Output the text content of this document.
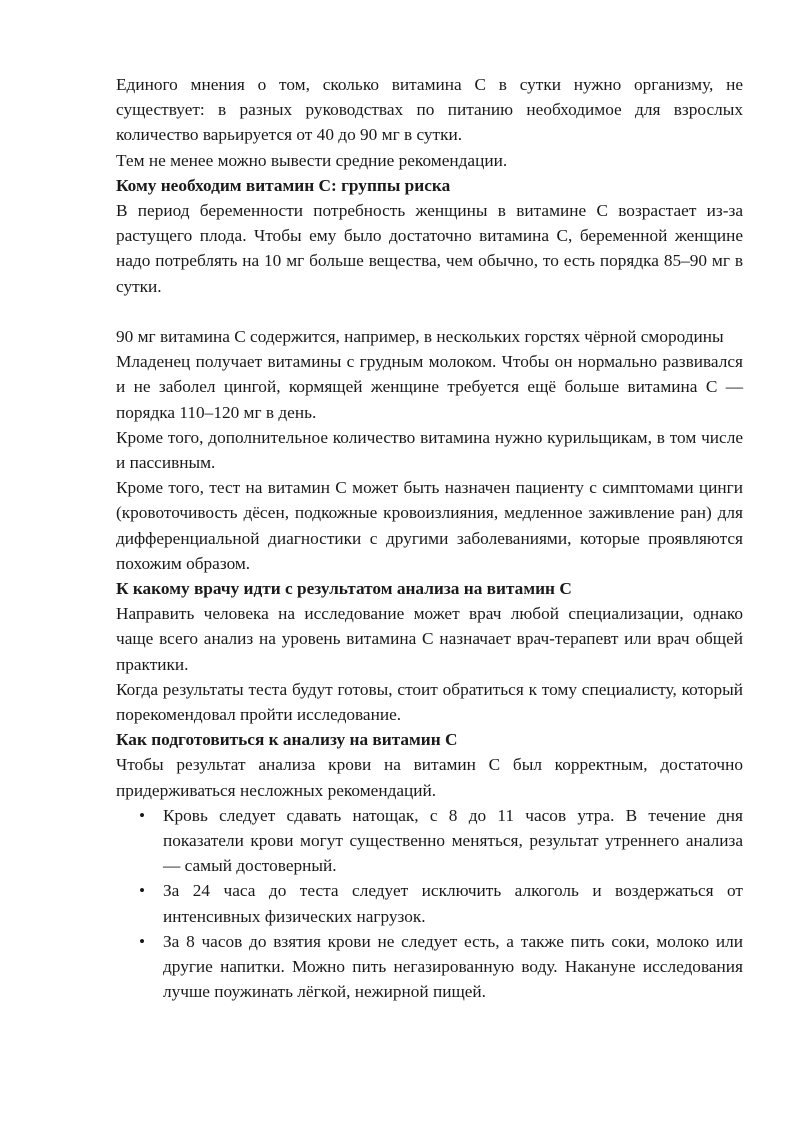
Единого мнения о том, сколько витамина С в сутки нужно организму, не существует: в разных руководствах по питанию необходимое для взрослых количество варьируется от 40 до 90 мг в сутки.

Тем не менее можно вывести средние рекомендации.

Кому необходим витамин С: группы риска

В период беременности потребность женщины в витамине С возрастает из-за растущего плода. Чтобы ему было достаточно витамина С, беременной женщине надо потреблять на 10 мг больше вещества, чем обычно, то есть порядка 85–90 мг в сутки.

90 мг витамина С содержится, например, в нескольких горстях чёрной смородины

Младенец получает витамины с грудным молоком. Чтобы он нормально развивался и не заболел цингой, кормящей женщине требуется ещё больше витамина С — порядка 110–120 мг в день.

Кроме того, дополнительное количество витамина нужно курильщикам, в том числе и пассивным.

Кроме того, тест на витамин С может быть назначен пациенту с симптомами цинги (кровоточивость дёсен, подкожные кровоизлияния, медленное заживление ран) для дифференциальной диагностики с другими заболеваниями, которые проявляются похожим образом.

К какому врачу идти с результатом анализа на витамин С

Направить человека на исследование может врач любой специализации, однако чаще всего анализ на уровень витамина С назначает врач-терапевт или врач общей практики.

Когда результаты теста будут готовы, стоит обратиться к тому специалисту, который порекомендовал пройти исследование.

Как подготовиться к анализу на витамин С

Чтобы результат анализа крови на витамин С был корректным, достаточно придерживаться несложных рекомендаций.

• Кровь следует сдавать натощак, с 8 до 11 часов утра. В течение дня показатели крови могут существенно меняться, результат утреннего анализа — самый достоверный.
• За 24 часа до теста следует исключить алкоголь и воздержаться от интенсивных физических нагрузок.
• За 8 часов до взятия крови не следует есть, а также пить соки, молоко или другие напитки. Можно пить негазированную воду. Накануне исследования лучше поужинать лёгкой, нежирной пищей.
